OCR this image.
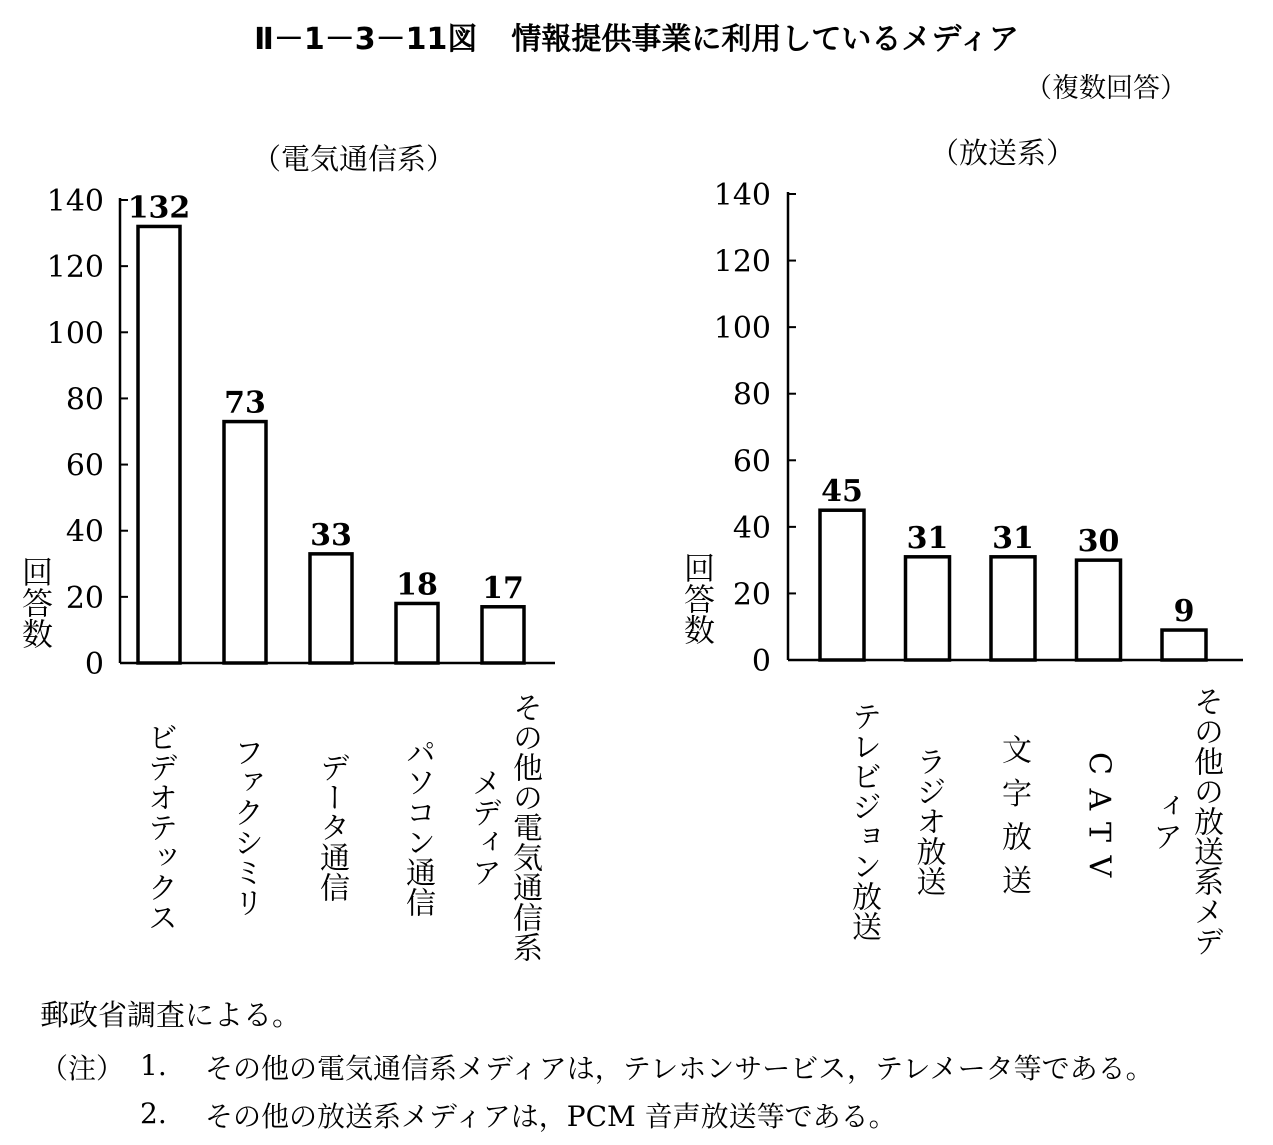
Ⅱ－1－3－11図 情報提供事業に利用しているメディア
（複数回答）
（電気通信系）
回答数
0
20
40
60
80
100
120
140 132
73
33
18 17
0
20
40
60
80
100
120
140
45
31 31 30
9
（放送系）
回答数
ビデオテックス ファクシミリ データ通信 パソコン通信	その他の電気通信系メディア	テレビジョン放送 ラジオ放送 文字放送 CATV	その他の放送系メディア
郵政省調査による。
（注） 1. その他の電気通信系メディアは，テレホンサービス，テレメータ等である。
2. その他の放送系メディアは，PCM 音声放送等である。
